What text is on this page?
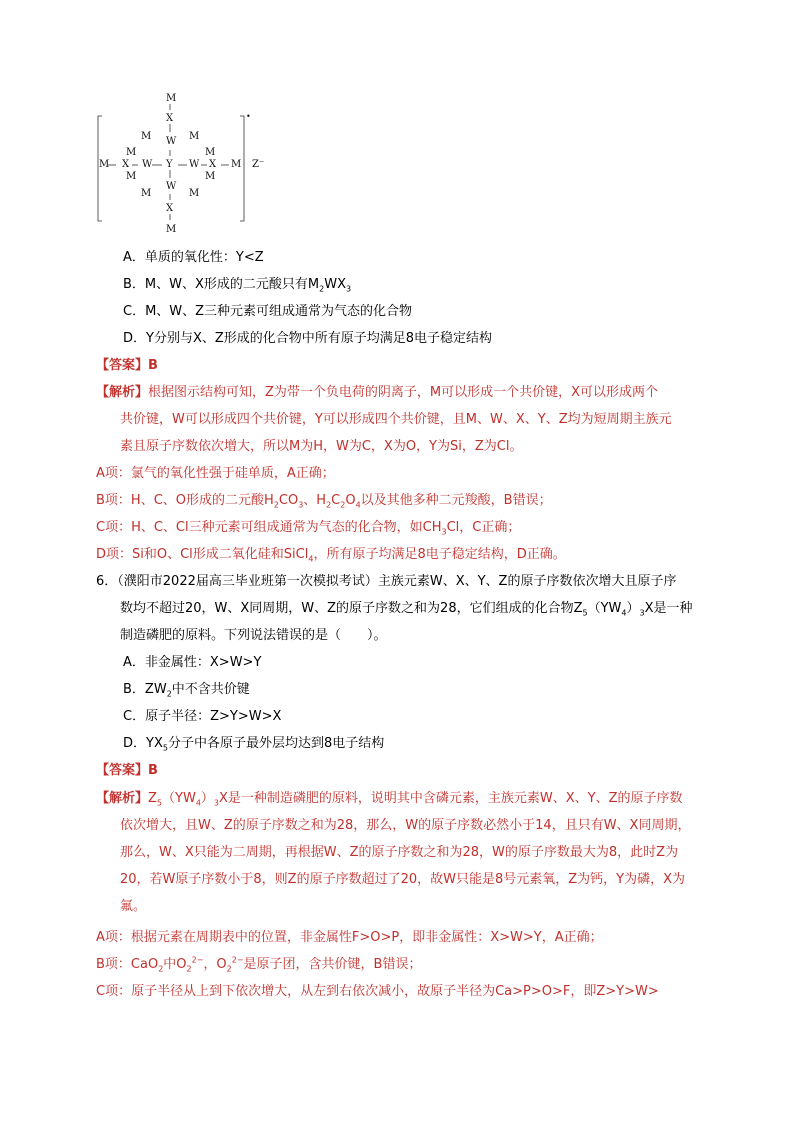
M
X
M W M
M	M
M X W Y W X M
M	M
W
M	M
X
M
•
Z⁻
A．单质的氧化性：Y<Z
B．M、W、X形成的二元酸只有$M_2WX_3$
C．M、W、Z三种元素可组成通常为气态的化合物
D．Y分别与X、Z形成的化合物中所有原子均满足8电子稳定结构
【答案】B
【解析】根据图示结构可知，Z为带一个负电荷的阴离子，M可以形成一个共价键，X可以形成两个
共价键，W可以形成四个共价键，Y可以形成四个共价键，且M、W、X、Y、Z均为短周期主族元
素且原子序数依次增大，所以M为H，W为C，X为O，Y为Si，Z为Cl。
A项：氯气的氧化性强于硅单质，A正确；
B项：H、C、O形成的二元酸$H_2CO_3$、$H_2C_2O_4$以及其他多种二元羧酸，B错误；
C项：H、C、Cl三种元素可组成通常为气态的化合物，如$CH_3Cl$，C正确；
D项：Si和O、Cl形成二氧化硅和SiCl$_4$，所有原子均满足8电子稳定结构，D正确。
6．（濮阳市2022届高三毕业班第一次模拟考试）主族元素W、X、Y、Z的原子序数依次增大且原子序
数均不超过20，W、X同周期，W、Z的原子序数之和为28，它们组成的化合物$Z_5(YW_4)_3X$是一种
制造磷肥的原料。下列说法错误的是（　　）。
A．非金属性：X>W>Y
B．$ZW_2$中不含共价键
C．原子半径：Z>Y>W>X
D．$YX_5$分子中各原子最外层均达到8电子结构
【答案】B
【解析】$Z_5(YW_4)_3X$是一种制造磷肥的原料，说明其中含磷元素，主族元素W、X、Y、Z的原子序数
依次增大，且W、Z的原子序数之和为28，那么，W的原子序数必然小于14，且只有W、X同周期，
那么，W、X只能为二周期，再根据W、Z的原子序数之和为28，W的原子序数最大为8，此时Z为
20，若W原子序数小于8，则Z的原子序数超过了20，故W只能是8号元素氧，Z为钙，Y为磷，X为
氟。
A项：根据元素在周期表中的位置，非金属性F>O>P，即非金属性：X>W>Y，A正确；
B项：CaO$_2$中$O_2^{2-}$，$O_2^{2-}$是原子团，含共价键，B错误；
C项：原子半径从上到下依次增大，从左到右依次减小，故原子半径为Ca>P>O>F，即Z>Y>W>
